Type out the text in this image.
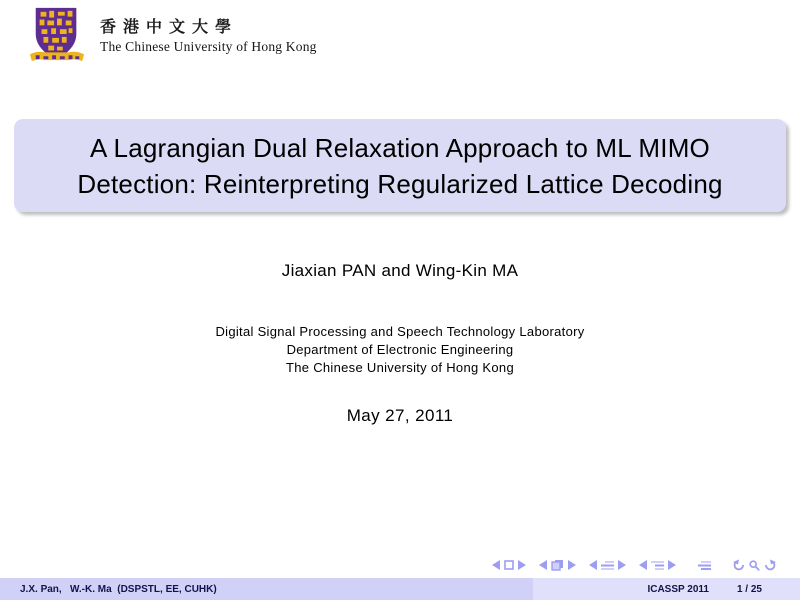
香港中文大學
The Chinese University of Hong Kong
A Lagrangian Dual Relaxation Approach to ML MIMO
Detection: Reinterpreting Regularized Lattice Decoding
Jiaxian PAN and Wing-Kin MA
Digital Signal Processing and Speech Technology Laboratory
Department of Electronic Engineering
The Chinese University of Hong Kong
May 27, 2011
J.X. Pan,   W.-K. Ma  (DSPSTL, EE, CUHK)	ICASSP 2011	1 / 25
